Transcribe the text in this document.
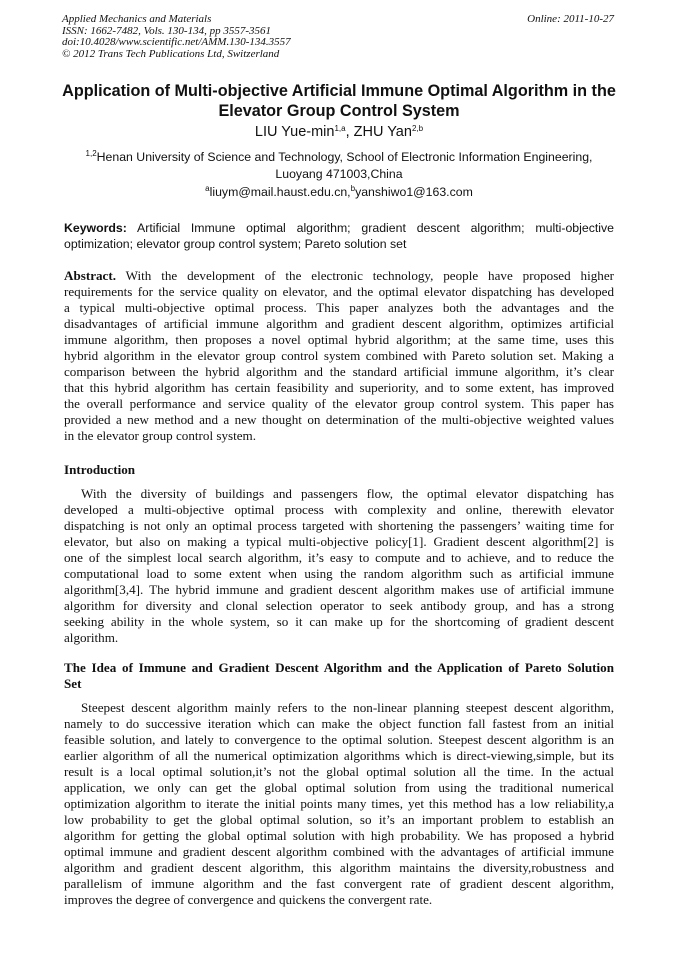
Applied Mechanics and Materials
ISSN: 1662-7482, Vols. 130-134, pp 3557-3561
doi:10.4028/www.scientific.net/AMM.130-134.3557
© 2012 Trans Tech Publications Ltd, Switzerland
Online: 2011-10-27
Application of Multi-objective Artificial Immune Optimal Algorithm in the
Elevator Group Control System
LIU Yue-$\min^{1,a}$, ZHU Yan$^{2,b}$
$^{1,2}$Henan University of Science and Technology, School of Electronic Information Engineering,
Luoyang 471003,China
$^a$liuym@mail.haust.edu.cn,$^b$yanshiwo1@163.com
Keywords: Artificial Immune optimal algorithm; gradient descent algorithm; multi-objective
optimization; elevator group control system; Pareto solution set
Abstract. With the development of the electronic technology, people have proposed higher
requirements for the service quality on elevator, and the optimal elevator dispatching has developed
a typical multi-objective optimal process. This paper analyzes both the advantages and the
disadvantages of artificial immune algorithm and gradient descent algorithm, optimizes artificial
immune algorithm, then proposes a novel optimal hybrid algorithm; at the same time, uses this
hybrid algorithm in the elevator group control system combined with Pareto solution set. Making a
comparison between the hybrid algorithm and the standard artificial immune algorithm, it’s clear
that this hybrid algorithm has certain feasibility and superiority, and to some extent, has improved
the overall performance and service quality of the elevator group control system. This paper has
provided a new method and a new thought on determination of the multi-objective weighted values
in the elevator group control system.
Introduction
With the diversity of buildings and passengers flow, the optimal elevator dispatching has
developed a multi-objective optimal process with complexity and online, therewith elevator
dispatching is not only an optimal process targeted with shortening the passengers’ waiting time for
elevator, but also on making a typical multi-objective policy[1]. Gradient descent algorithm[2] is
one of the simplest local search algorithm, it’s easy to compute and to achieve, and to reduce the
computational load to some extent when using the random algorithm such as artificial immune
algorithm[3,4]. The hybrid immune and gradient descent algorithm makes use of artificial immune
algorithm for diversity and clonal selection operator to seek antibody group, and has a strong
seeking ability in the whole system, so it can make up for the shortcoming of gradient descent
algorithm.
The Idea of Immune and Gradient Descent Algorithm and the Application of Pareto Solution
Set
Steepest descent algorithm mainly refers to the non-linear planning steepest descent algorithm,
namely to do successive iteration which can make the object function fall fastest from an initial
feasible solution, and lately to convergence to the optimal solution. Steepest descent algorithm is an
earlier algorithm of all the numerical optimization algorithms which is direct-viewing,simple, but its
result is a local optimal solution,it’s not the global optimal solution all the time. In the actual
application, we only can get the global optimal solution from using the traditional numerical
optimization algorithm to iterate the initial points many times, yet this method has a low reliability,a
low probability to get the global optimal solution, so it’s an important problem to establish an
algorithm for getting the global optimal solution with high probability. We has proposed a hybrid
optimal immune and gradient descent algorithm combined with the advantages of artificial immune
algorithm and gradient descent algorithm, this algorithm maintains the diversity,robustness and
parallelism of immune algorithm and the fast convergent rate of gradient descent algorithm,
improves the degree of convergence and quickens the convergent rate.
